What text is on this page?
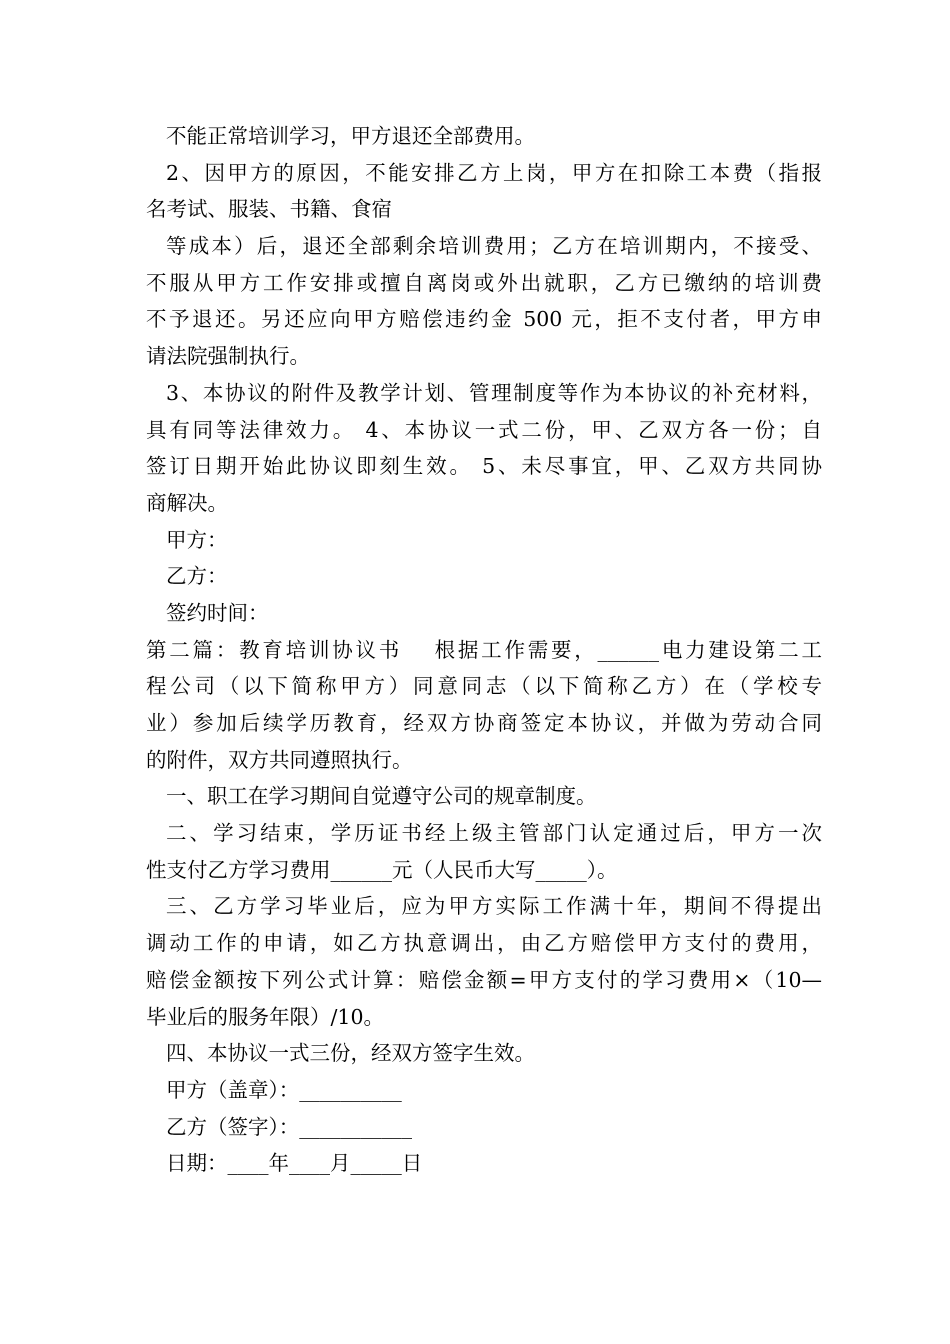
不能正常培训学习，甲方退还全部费用。
2、因甲方的原因，不能安排乙方上岗，甲方在扣除工本费（指报
名考试、服装、书籍、食宿
等成本）后，退还全部剩余培训费用；乙方在培训期内，不接受、
不服从甲方工作安排或擅自离岗或外出就职，乙方已缴纳的培训费
不予退还。另还应向甲方赔偿违约金 500 元，拒不支付者，甲方申
请法院强制执行。
3、本协议的附件及教学计划、管理制度等作为本协议的补充材料，
具有同等法律效力。 4、本协议一式二份，甲、乙双方各一份；自
签订日期开始此协议即刻生效。 5、未尽事宜，甲、乙双方共同协
商解决。
甲方：
乙方：
签约时间：
第二篇：教育培训协议书　 根据工作需要，______电力建设第二工
程公司（以下简称甲方）同意同志（以下简称乙方）在（学校专
业）参加后续学历教育，经双方协商签定本协议，并做为劳动合同
的附件，双方共同遵照执行。
一、职工在学习期间自觉遵守公司的规章制度。
二、学习结束，学历证书经上级主管部门认定通过后，甲方一次
性支付乙方学习费用______元（人民币大写_____）。
三、乙方学习毕业后，应为甲方实际工作满十年，期间不得提出
调动工作的申请，如乙方执意调出，由乙方赔偿甲方支付的费用，
赔偿金额按下列公式计算：赔偿金额=甲方支付的学习费用×（10—
毕业后的服务年限）/10。
四、本协议一式三份，经双方签字生效。
甲方（盖章）：__________
乙方（签字）：___________
日期：____年____月_____日
